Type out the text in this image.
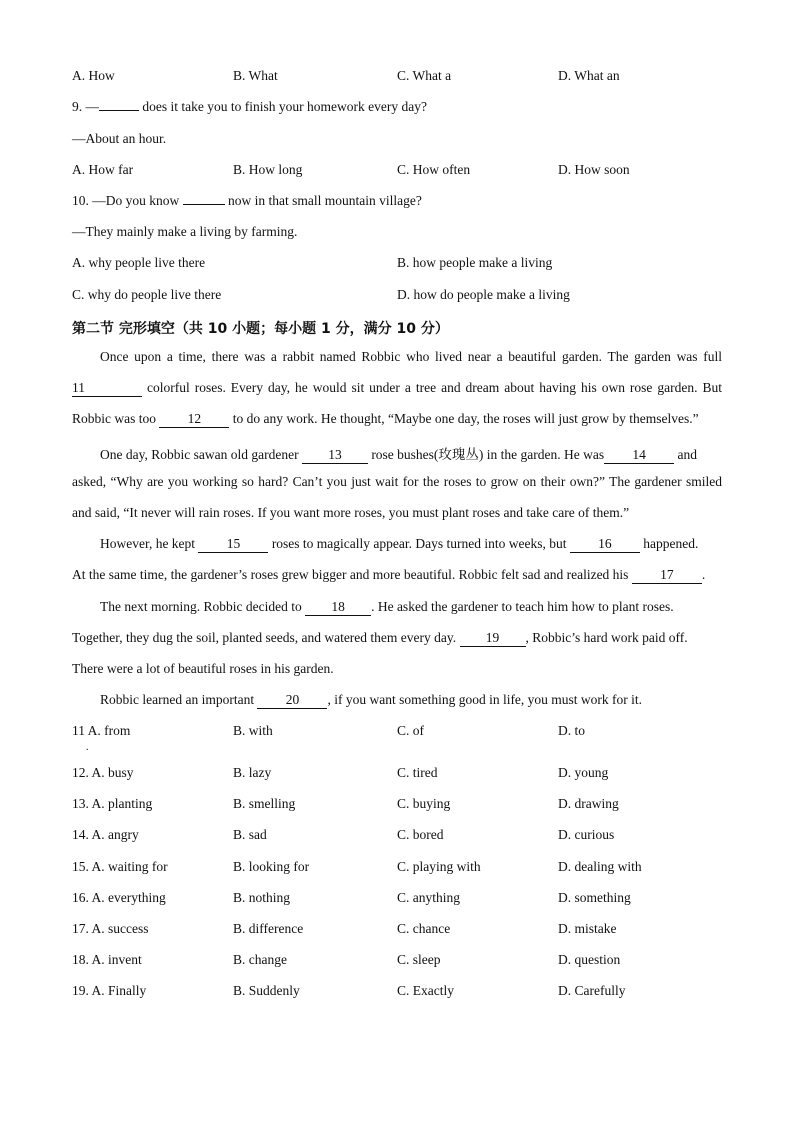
A. How	B. What	C. What a	D. What an
9. —	does it take you to finish your homework every day?
—About an hour.
A. How far	B. How long	C. How often	D. How soon
10. —Do you know	now in that small mountain village?
—They mainly make a living by farming.
A. why people live there	B. how people make a living
C. why do people live there	D. how do people make a living
第二节 完形填空（共 10 小题；每小题 1 分，满分 10 分）
Once upon a time, there was a rabbit named Robbic who lived near a beautiful garden. The garden was full
11	colorful roses. Every day, he would sit under a tree and dream about having his own rose garden. But
Robbic was too 12 to do any work. He thought, “Maybe one day, the roses will just grow by themselves.”
One day, Robbic sawan old gardener 13 rose bushes(玫瑰丛) in the garden. He was 14 and
asked, “Why are you working so hard? Can’t you just wait for the roses to grow on their own?” The gardener smiled
and said, “It never will rain roses. If you want more roses, you must plant roses and take care of them.”
However, he kept 15 roses to magically appear. Days turned into weeks, but 16 happened.
At the same time, the gardener’s roses grew bigger and more beautiful. Robbic felt sad and realized his 17 .
The next morning. Robbic decided to 18 . He asked the gardener to teach him how to plant roses.
Together, they dug the soil, planted seeds, and watered them every day. 19 , Robbic’s hard work paid off.
There were a lot of beautiful roses in his garden.
Robbic learned an important 20 , if you want something good in life, you must work for it.
11 A. from	B. with	C. of	D. to
.
12. A. busy	B. lazy	C. tired	D. young
13. A. planting	B. smelling	C. buying	D. drawing
14. A. angry	B. sad	C. bored	D. curious
15. A. waiting for	B. looking for	C. playing with	D. dealing with
16. A. everything	B. nothing	C. anything	D. something
17. A. success	B. difference	C. chance	D. mistake
18. A. invent	B. change	C. sleep	D. question
19. A. Finally	B. Suddenly	C. Exactly	D. Carefully
